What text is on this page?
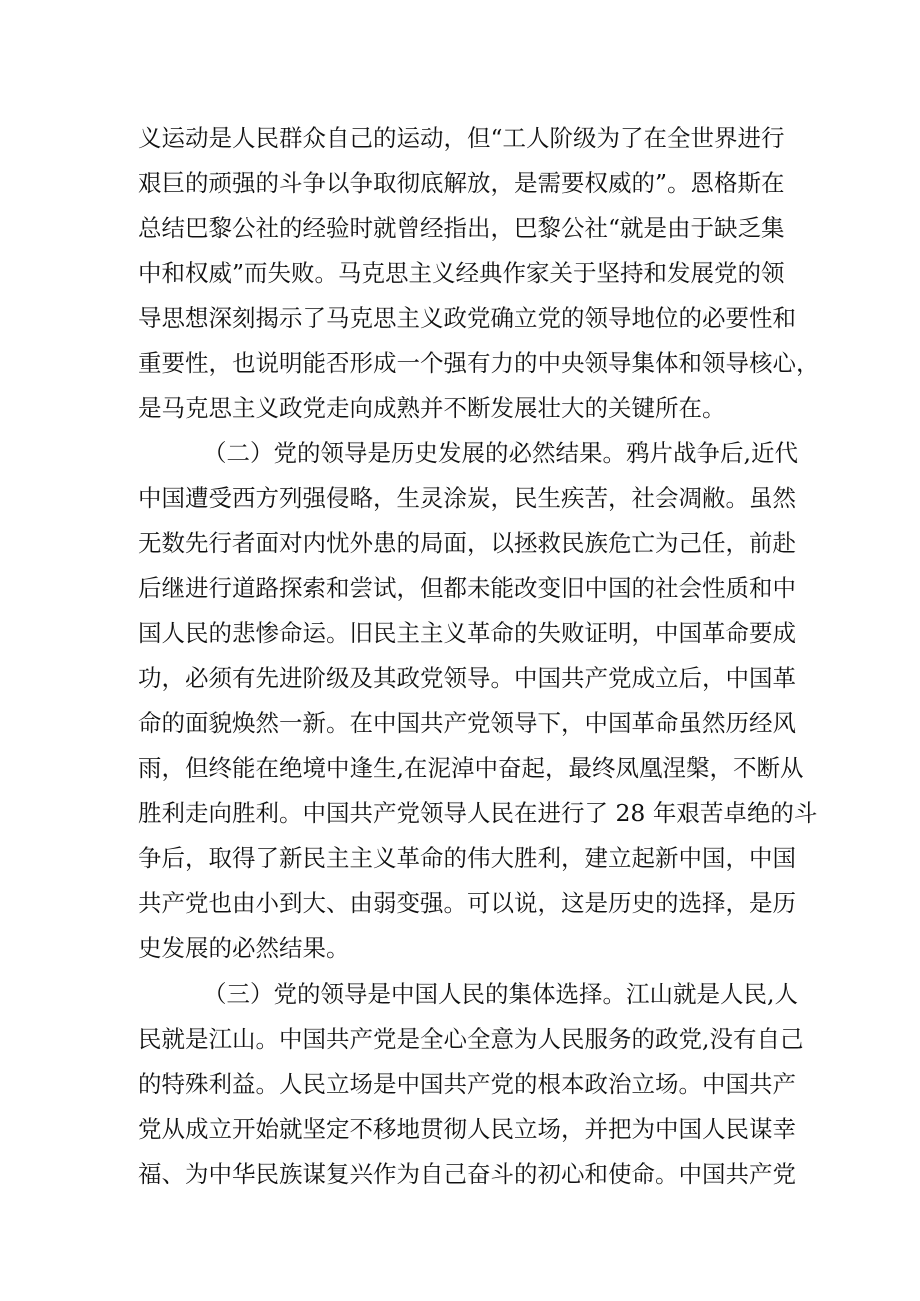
义运动是人民群众自己的运动，但“工人阶级为了在全世界进行
艰巨的顽强的斗争以争取彻底解放，是需要权威的”。恩格斯在
总结巴黎公社的经验时就曾经指出，巴黎公社“就是由于缺乏集
中和权威”而失败。马克思主义经典作家关于坚持和发展党的领
导思想深刻揭示了马克思主义政党确立党的领导地位的必要性和
重要性，也说明能否形成一个强有力的中央领导集体和领导核心，
是马克思主义政党走向成熟并不断发展壮大的关键所在。
（二）党的领导是历史发展的必然结果。鸦片战争后,近代
中国遭受西方列强侵略，生灵涂炭，民生疾苦，社会凋敝。虽然
无数先行者面对内忧外患的局面，以拯救民族危亡为己任，前赴
后继进行道路探索和尝试，但都未能改变旧中国的社会性质和中
国人民的悲惨命运。旧民主主义革命的失败证明，中国革命要成
功，必须有先进阶级及其政党领导。中国共产党成立后，中国革
命的面貌焕然一新。在中国共产党领导下，中国革命虽然历经风
雨，但终能在绝境中逢生,在泥淖中奋起，最终凤凰涅槃，不断从
胜利走向胜利。中国共产党领导人民在进行了 28 年艰苦卓绝的斗
争后，取得了新民主主义革命的伟大胜利，建立起新中国，中国
共产党也由小到大、由弱变强。可以说，这是历史的选择，是历
史发展的必然结果。
（三）党的领导是中国人民的集体选择。江山就是人民,人
民就是江山。中国共产党是全心全意为人民服务的政党,没有自己
的特殊利益。人民立场是中国共产党的根本政治立场。中国共产
党从成立开始就坚定不移地贯彻人民立场，并把为中国人民谋幸
福、为中华民族谋复兴作为自己奋斗的初心和使命。中国共产党
